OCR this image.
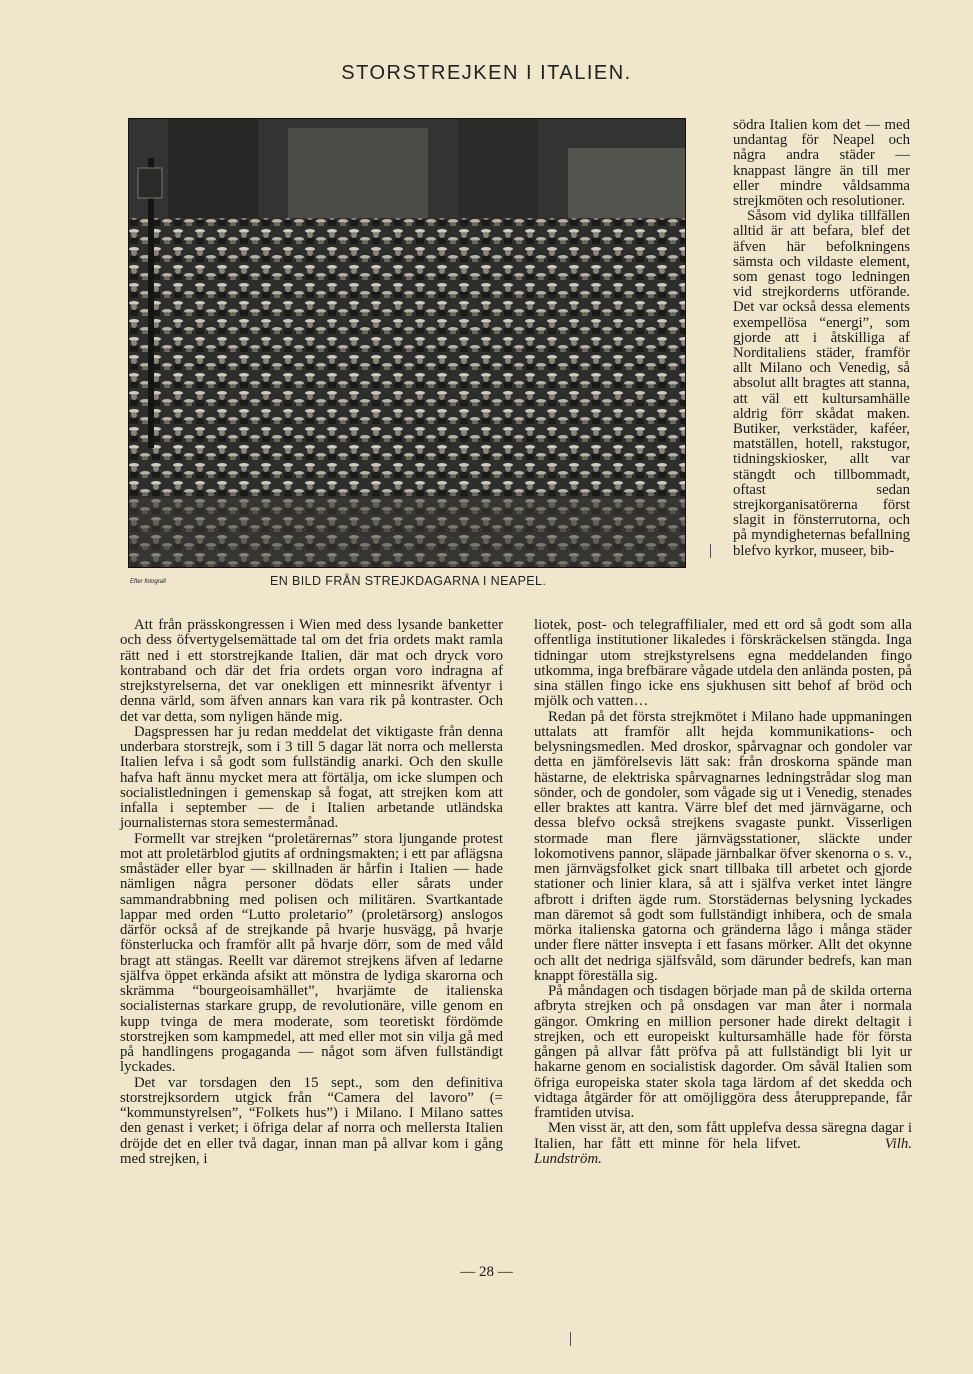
STORSTREJKEN I ITALIEN.
Efter fotografi	EN BILD FRÅN STREJKDAGARNA I NEAPEL.

södra Italien kom det — med undantag för Neapel och några andra städer — knappast längre än till mer eller mindre våldsamma strejkmöten och resolutioner.

Såsom vid dylika tillfällen alltid är att befara, blef det äfven här befolkningens sämsta och vildaste element, som genast togo ledningen vid strejkorderns utförande. Det var också dessa elements exempellösa “energi”, som gjorde att i åtskilliga af Norditaliens städer, framför allt Milano och Venedig, så absolut allt bragtes att stanna, att väl ett kultursamhälle aldrig förr skådat maken. Butiker, verkstäder, kaféer, matställen, hotell, rakstugor, tidningskiosker, allt var stängdt och tillbommadt, oftast sedan strejkorganisatörerna först slagit in fönsterrutorna, och på myndigheternas befallning blefvo kyrkor, museer, bib-

Att från prässkongressen i Wien med dess lysande banketter och dess öfvertygelsemättade tal om det fria ordets makt ramla rätt ned i ett storstrejkande Italien, där mat och dryck voro kontraband och där det fria ordets organ voro indragna af strejkstyrelserna, det var onekligen ett minnesrikt äfventyr i denna värld, som äfven annars kan vara rik på kontraster. Och det var detta, som nyligen hände mig.

Dagspressen har ju redan meddelat det viktigaste från denna underbara storstrejk, som i 3 till 5 dagar lät norra och mellersta Italien lefva i så godt som fullständig anarki. Och den skulle hafva haft ännu mycket mera att förtälja, om icke slumpen och socialistledningen i gemenskap så fogat, att strejken kom att infalla i september — de i Italien arbetande utländska journalisternas stora semestermånad.

Formellt var strejken “proletärernas” stora ljungande protest mot att proletärblod gjutits af ordningsmakten; i ett par aflägsna småstäder eller byar — skillnaden är hårfin i Italien — hade nämligen några personer dödats eller sårats under sammandrabbning med polisen och militären. Svartkantade lappar med orden “Lutto proletario” (proletärsorg) anslogos därför också af de strejkande på hvarje husvägg, på hvarje fönsterlucka och framför allt på hvarje dörr, som de med våld bragt att stängas. Reellt var däremot strejkens äfven af ledarne själfva öppet erkända afsikt att mönstra de lydiga skarorna och skrämma “bourgeoisamhället”, hvarjämte de italienska socialisternas starkare grupp, de revolutionäre, ville genom en kupp tvinga de mera moderate, som teoretiskt fördömde storstrejken som kampmedel, att med eller mot sin vilja gå med på handlingens progaganda — något som äfven fullständigt lyckades.

Det var torsdagen den 15 sept., som den definitiva storstrejksordern utgick från “Camera del lavoro” (= “kommunstyrelsen”, “Folkets hus”) i Milano. I Milano sattes den genast i verket; i öfriga delar af norra och mellersta Italien dröjde det en eller två dagar, innan man på allvar kom i gång med strejken, i

liotek, post- och telegraffilialer, med ett ord så godt som alla offentliga institutioner likaledes i förskräckelsen stängda. Inga tidningar utom strejkstyrelsens egna meddelanden fingo utkomma, inga brefbärare vågade utdela den anlända posten, på sina ställen fingo icke ens sjukhusen sitt behof af bröd och mjölk och vatten…

Redan på det första strejkmötet i Milano hade uppmaningen uttalats att framför allt hejda kommunikations- och belysningsmedlen. Med droskor, spårvagnar och gondoler var detta en jämförelsevis lätt sak: från droskorna spände man hästarne, de elektriska spårvagnarnes ledningstrådar slog man sönder, och de gondoler, som vågade sig ut i Venedig, stenades eller braktes att kantra. Värre blef det med järnvägarne, och dessa blefvo också strejkens svagaste punkt. Visserligen stormade man flere järnvägsstationer, släckte under lokomotivens pannor, släpade järnbalkar öfver skenorna o s. v., men järnvägsfolket gick snart tillbaka till arbetet och gjorde stationer och linier klara, så att i själfva verket intet längre afbrott i driften ägde rum. Storstädernas belysning lyckades man däremot så godt som fullständigt inhibera, och de smala mörka italienska gatorna och gränderna lågo i många städer under flere nätter insvepta i ett fasans mörker. Allt det okynne och allt det nedriga själfsvåld, som därunder bedrefs, kan man knappt föreställa sig.

På måndagen och tisdagen började man på de skilda orterna afbryta strejken och på onsdagen var man åter i normala gängor. Omkring en million personer hade direkt deltagit i strejken, och ett europeiskt kultursamhälle hade för första gången på allvar fått pröfva på att fullständigt bli lyit ur hakarne genom en socialistisk dagorder. Om såväl Italien som öfriga europeiska stater skola taga lärdom af det skedda och vidtaga åtgärder för att omöjliggöra dess återupprepande, får framtiden utvisa.

Men visst är, att den, som fått upplefva dessa säregna dagar i Italien, har fått ett minne för hela lifvet.	Vilh. Lundström.

— 28 —
